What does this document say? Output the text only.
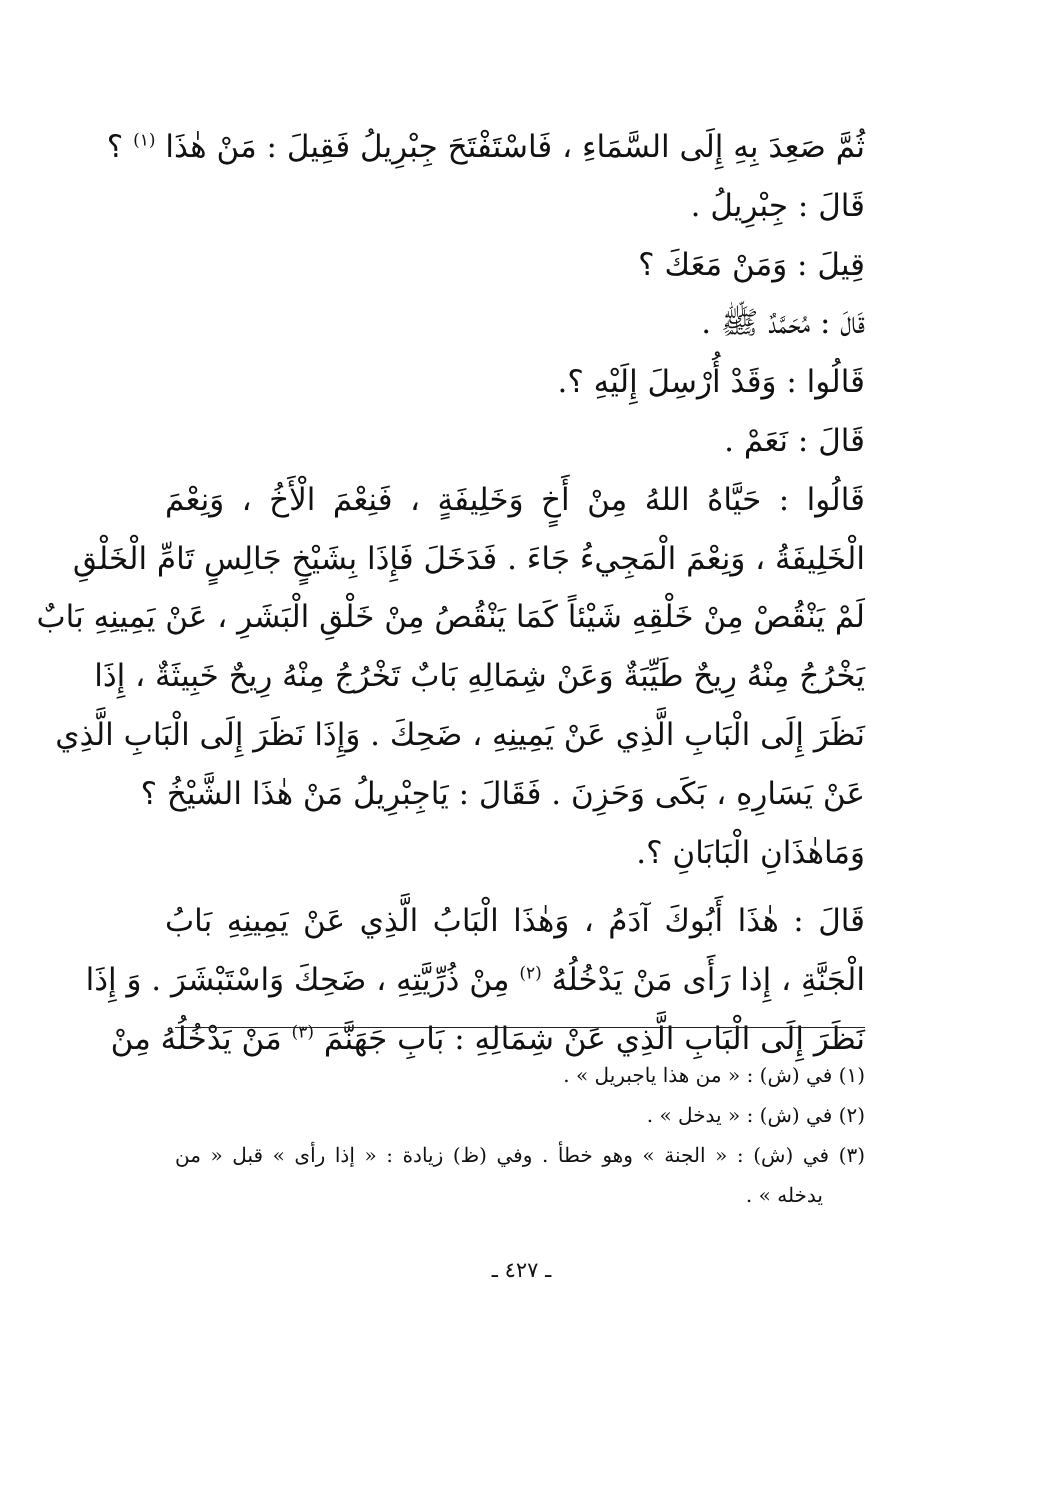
ثُمَّ صَعِدَ بِهِ إِلَى السَّمَاءِ ، فَاسْتَفْتَحَ جِبْرِيلُ فَقِيلَ : مَنْ هٰذَا $^{(١)}$ ؟
قَالَ : جِبْرِيلُ .
قِيلَ : وَمَنْ مَعَكَ ؟
قَالَ : مُحَمَّدٌ ﷺ .
قَالُوا : وَقَدْ أُرْسِلَ إِلَيْهِ ؟.
قَالَ : نَعَمْ .
قَالُوا : حَيَّاهُ اللهُ مِنْ أَخٍ وَخَلِيفَةٍ ، فَنِعْمَ الْأَخُ ، وَنِعْمَ
الْخَلِيفَةُ ، وَنِعْمَ الْمَجِيءُ جَاءَ . فَدَخَلَ فَإِذَا بِشَيْخٍ جَالِسٍ تَامِّ الْخَلْقِ
لَمْ يَنْقُصْ مِنْ خَلْقِهِ شَيْئاً كَمَا يَنْقُصُ مِنْ خَلْقِ الْبَشَرِ ، عَنْ يَمِينِهِ بَابٌ
يَخْرُجُ مِنْهُ رِيحٌ طَيِّبَةٌ وَعَنْ شِمَالِهِ بَابٌ تَخْرُجُ مِنْهُ رِيحٌ خَبِيثَةٌ ، إِذَا
نَظَرَ إِلَى الْبَابِ الَّذِي عَنْ يَمِينِهِ ، ضَحِكَ . وَإِذَا نَظَرَ إِلَى الْبَابِ الَّذِي
عَنْ يَسَارِهِ ، بَكَى وَحَزِنَ . فَقَالَ : يَاجِبْرِيلُ مَنْ هٰذَا الشَّيْخُ ؟
وَمَاهٰذَانِ الْبَابَانِ ؟.
قَالَ : هٰذَا أَبُوكَ آدَمُ ، وَهٰذَا الْبَابُ الَّذِي عَنْ يَمِينِهِ بَابُ
الْجَنَّةِ ، إِذا رَأَى مَنْ يَدْخُلُهُ $^{(٢)}$ مِنْ ذُرِّيَّتِهِ ، ضَحِكَ وَاسْتَبْشَرَ . وَ إِذَا
نَظَرَ إِلَى الْبَابِ الَّذِي عَنْ شِمَالِهِ : بَابِ جَهَنَّمَ $^{(٣)}$ مَنْ يَدْخُلُهُ مِنْ
(١) في (ش) : « من هذا ياجبريل » .
(٢) في (ش) : « يدخل » .
(٣) في (ش) : « الجنة » وهو خطأ . وفي (ظ) زيادة : « إذا رأى » قبل « من
يدخله » .
ـ ٤٢٧ ـ
